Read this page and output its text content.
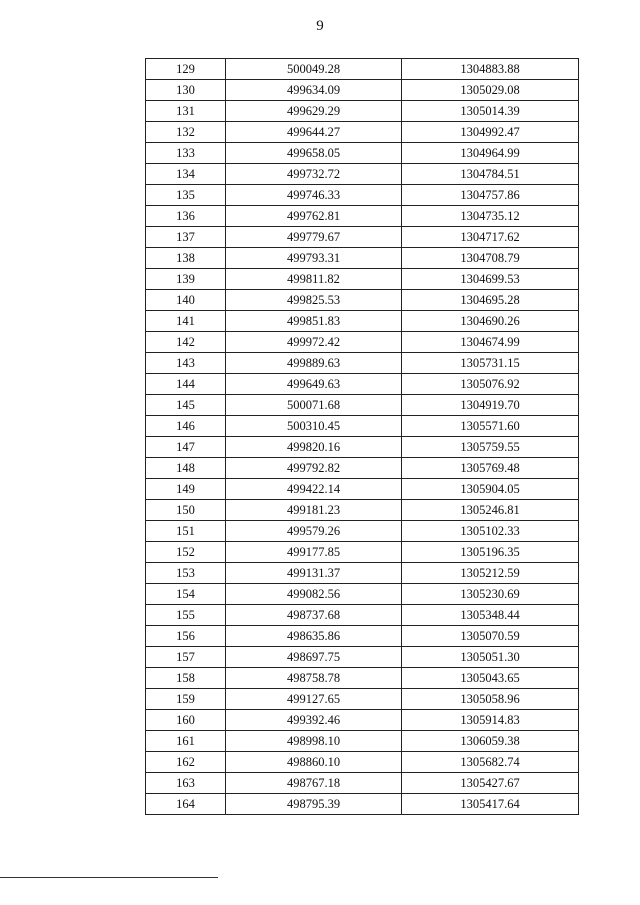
9
129	500049.28	1304883.88
130	499634.09	1305029.08
131	499629.29	1305014.39
132	499644.27	1304992.47
133	499658.05	1304964.99
134	499732.72	1304784.51
135	499746.33	1304757.86
136	499762.81	1304735.12
137	499779.67	1304717.62
138	499793.31	1304708.79
139	499811.82	1304699.53
140	499825.53	1304695.28
141	499851.83	1304690.26
142	499972.42	1304674.99
143	499889.63	1305731.15
144	499649.63	1305076.92
145	500071.68	1304919.70
146	500310.45	1305571.60
147	499820.16	1305759.55
148	499792.82	1305769.48
149	499422.14	1305904.05
150	499181.23	1305246.81
151	499579.26	1305102.33
152	499177.85	1305196.35
153	499131.37	1305212.59
154	499082.56	1305230.69
155	498737.68	1305348.44
156	498635.86	1305070.59
157	498697.75	1305051.30
158	498758.78	1305043.65
159	499127.65	1305058.96
160	499392.46	1305914.83
161	498998.10	1306059.38
162	498860.10	1305682.74
163	498767.18	1305427.67
164	498795.39	1305417.64
